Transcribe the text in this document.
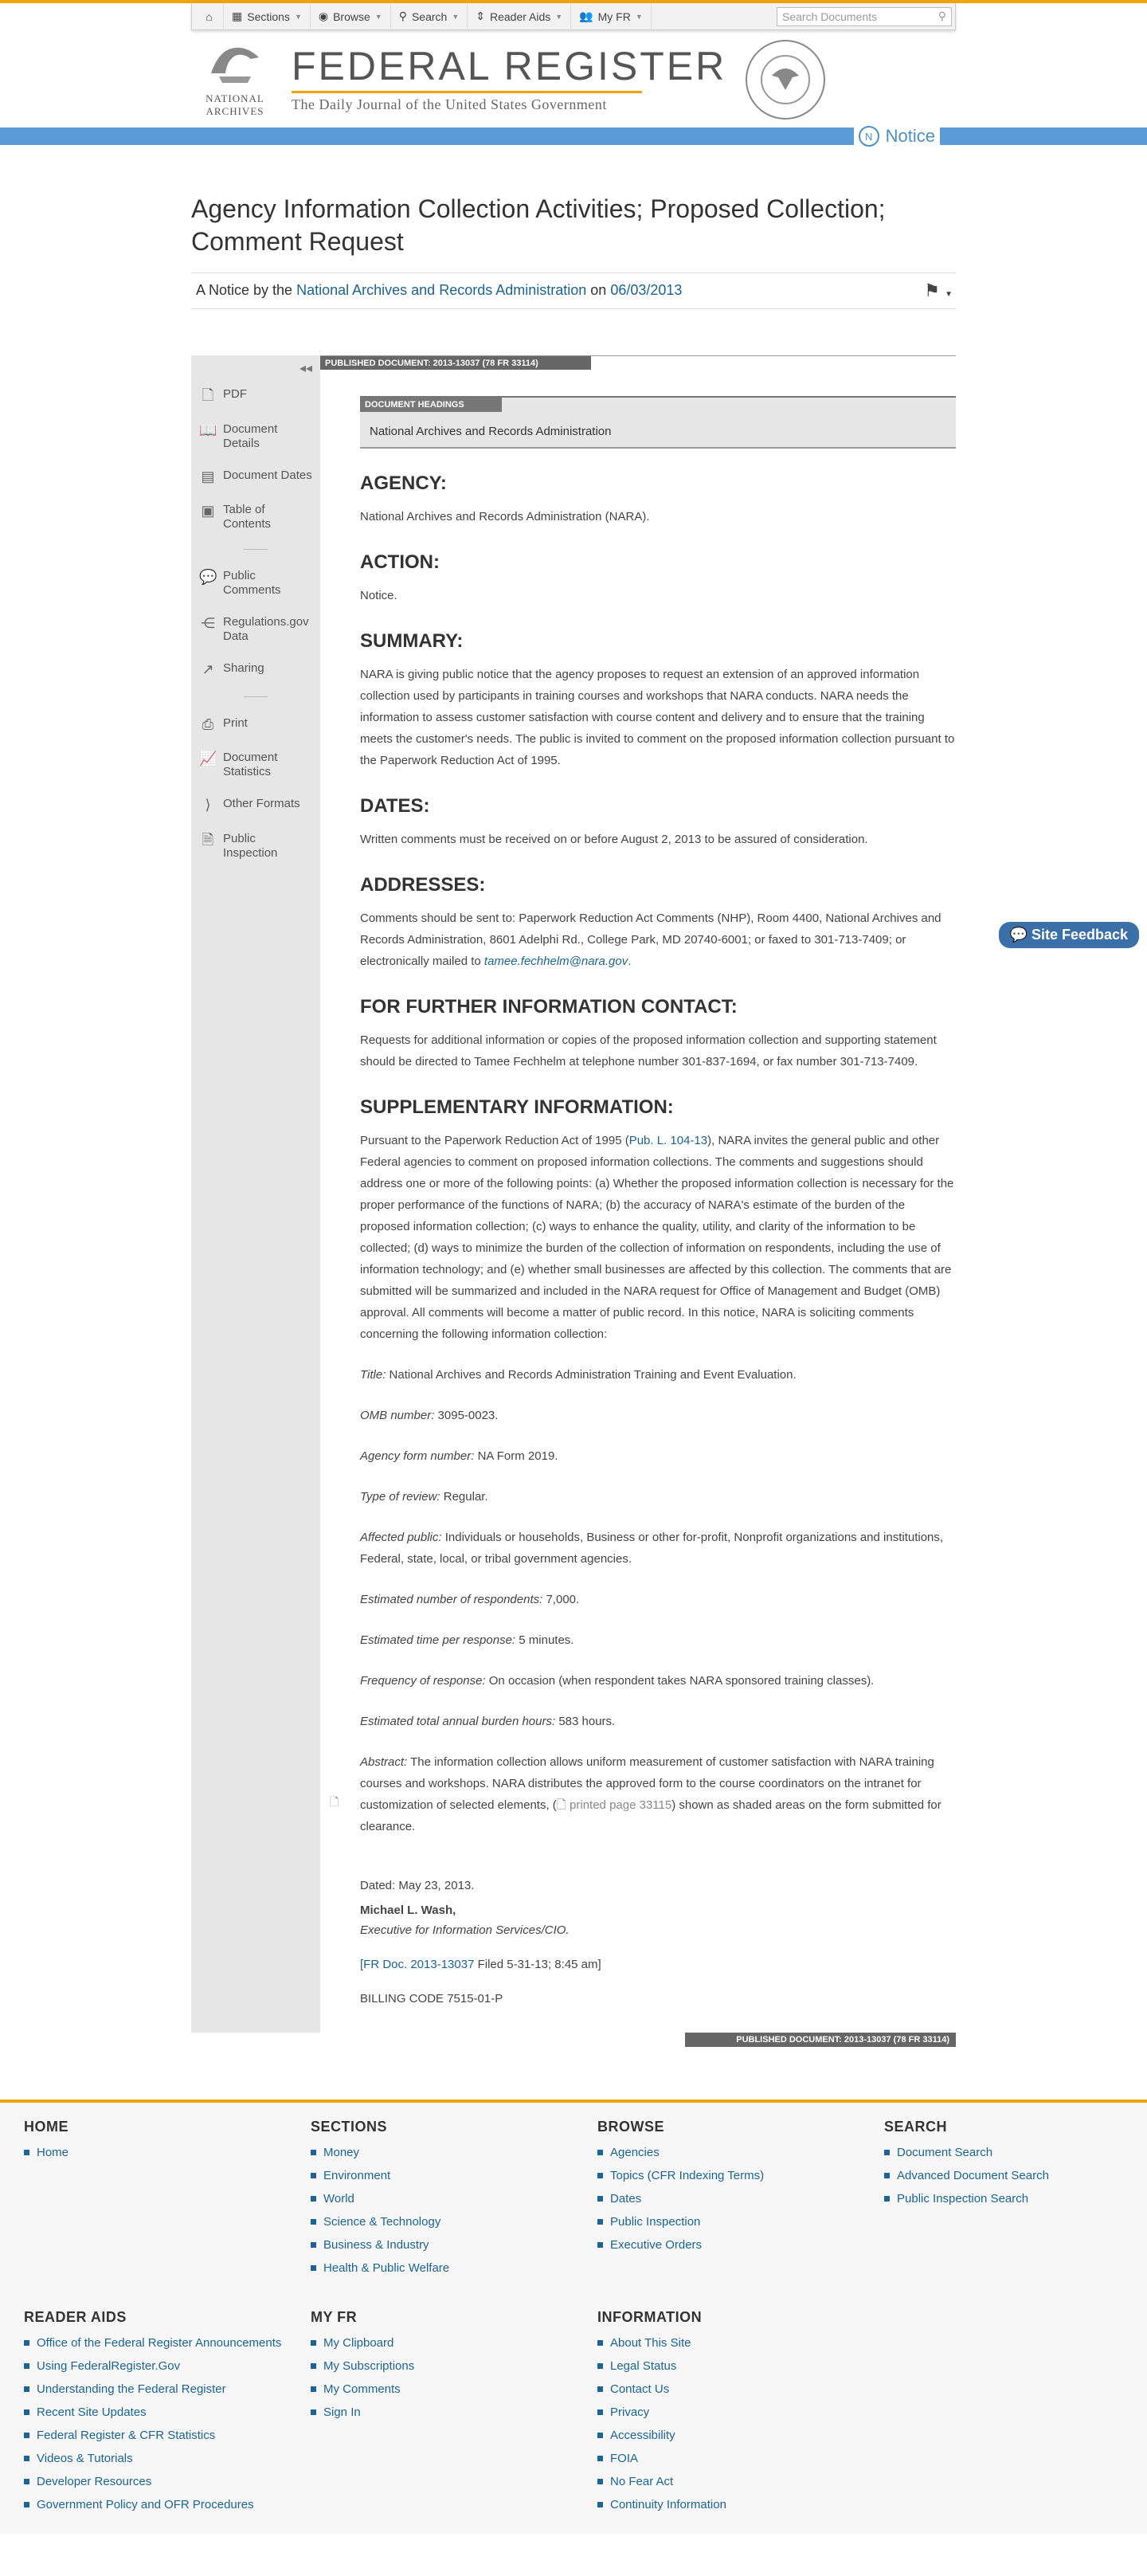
⌂ ▦ Sections ▼ ◉ Browse ▼ ⚲ Search ▼ ⇕ Reader Aids ▼ 👥 My FR ▼	Search Documents	⚲
NATIONAL
ARCHIVES
FEDERAL REGISTER
The Daily Journal of the United States Government
N Notice
💬 Site Feedback
Agency Information Collection Activities; Proposed Collection; Comment Request
A Notice by the
National Archives and Records Administration
on
06/03/2013	⚑ ▼
◂◂
🗋 PDF
📖 Document Details
▤ Document Dates
▣ Table of Contents
💬 Public Comments
⋲ Regulations.gov Data
↗ Sharing
⎙ Print
📈 Document Statistics
⟩	Other Formats
🗎 Public Inspection
PUBLISHED DOCUMENT: 2013-13037 (78 FR 33114)
DOCUMENT HEADINGS
National Archives and Records Administration
AGENCY:

National Archives and Records Administration (NARA).

ACTION:

Notice.

SUMMARY:

NARA is giving public notice that the agency proposes to request an extension of an approved information collection used by participants in training courses and workshops that NARA conducts. NARA needs the information to assess customer satisfaction with course content and delivery and to ensure that the training meets the customer's needs. The public is invited to comment on the proposed information collection pursuant to the Paperwork Reduction Act of 1995.

DATES:

Written comments must be received on or before August 2, 2013 to be assured of consideration.

ADDRESSES:

Comments should be sent to: Paperwork Reduction Act Comments (NHP), Room 4400, National Archives and Records Administration, 8601 Adelphi Rd., College Park, MD 20740-6001; or faxed to 301-713-7409; or electronically mailed to tamee.fechhelm@nara.gov.

FOR FURTHER INFORMATION CONTACT:

Requests for additional information or copies of the proposed information collection and supporting statement should be directed to Tamee Fechhelm at telephone number 301-837-1694, or fax number 301-713-7409.

SUPPLEMENTARY INFORMATION:

Pursuant to the Paperwork Reduction Act of 1995 (Pub. L. 104-13), NARA invites the general public and other Federal agencies to comment on proposed information collections. The comments and suggestions should address one or more of the following points: (a) Whether the proposed information collection is necessary for the proper performance of the functions of NARA; (b) the accuracy of NARA's estimate of the burden of the proposed information collection; (c) ways to enhance the quality, utility, and clarity of the information to be collected; (d) ways to minimize the burden of the collection of information on respondents, including the use of information technology; and (e) whether small businesses are affected by this collection. The comments that are submitted will be summarized and included in the NARA request for Office of Management and Budget (OMB) approval. All comments will become a matter of public record. In this notice, NARA is soliciting comments concerning the following information collection:

Title: National Archives and Records Administration Training and Event Evaluation.

OMB number: 3095-0023.

Agency form number: NA Form 2019.

Type of review: Regular.

Affected public: Individuals or households, Business or other for-profit, Nonprofit organizations and institutions, Federal, state, local, or tribal government agencies.

Estimated number of respondents: 7,000.

Estimated time per response: 5 minutes.

Frequency of response: On occasion (when respondent takes NARA sponsored training classes).

Estimated total annual burden hours: 583 hours.

🗋
Abstract: The information collection allows uniform measurement of customer satisfaction with NARA training courses and workshops. NARA distributes the approved form to the course coordinators on the intranet for customization of selected elements, (🗋 printed page 33115) shown as shaded areas on the form submitted for clearance.

Dated: May 23, 2013.

Michael L. Wash,

Executive for Information Services/CIO.

[FR Doc. 2013-13037 Filed 5-31-13; 8:45 am]

BILLING CODE 7515-01-P

PUBLISHED DOCUMENT: 2013-13037 (78 FR 33114)
HOME
Home
SECTIONS
Money
Environment
World
Science & Technology
Business & Industry
Health & Public Welfare
BROWSE
Agencies
Topics (CFR Indexing Terms)
Dates
Public Inspection
Executive Orders
SEARCH
Document Search
Advanced Document Search
Public Inspection Search
READER AIDS
Office of the Federal Register Announcements
Using FederalRegister.Gov
Understanding the Federal Register
Recent Site Updates
Federal Register & CFR Statistics
Videos & Tutorials
Developer Resources
Government Policy and OFR Procedures
MY FR
My Clipboard
My Subscriptions
My Comments
Sign In
INFORMATION
About This Site
Legal Status
Contact Us
Privacy
Accessibility
FOIA
No Fear Act
Continuity Information
